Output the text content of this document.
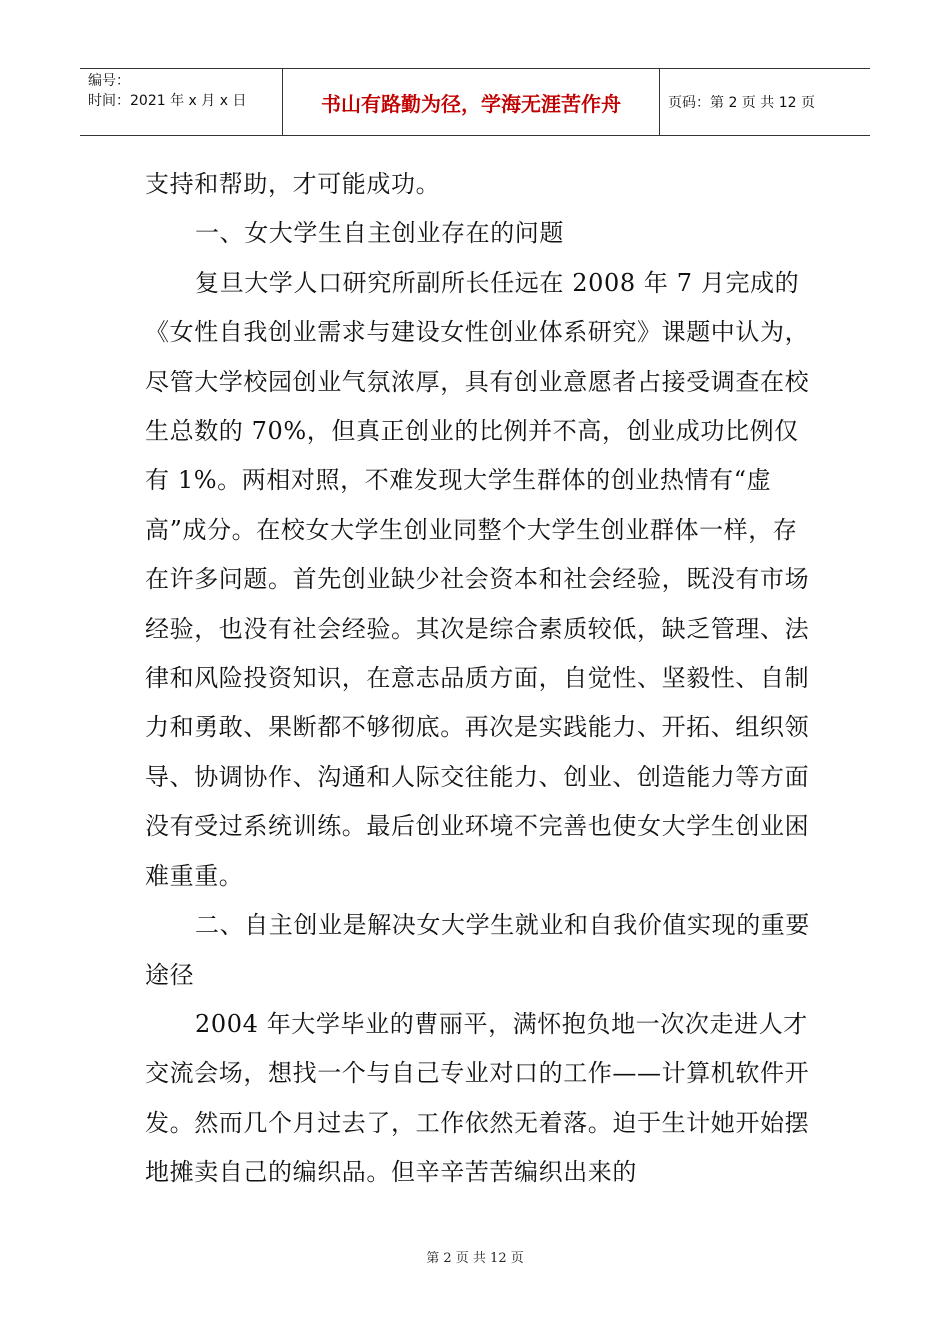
编号：
时间：2021 年 x 月 x 日	书山有路勤为径，学海无涯苦作舟	页码：第 2 页 共 12 页

支持和帮助，才可能成功。

一、女大学生自主创业存在的问题

复旦大学人口研究所副所长任远在 2008 年 7 月完成的《女性自我创业需求与建设女性创业体系研究》课题中认为，尽管大学校园创业气氛浓厚，具有创业意愿者占接受调查在校生总数的 70%，但真正创业的比例并不高，创业成功比例仅有 1%。两相对照，不难发现大学生群体的创业热情有“虚高”成分。在校女大学生创业同整个大学生创业群体一样，存在许多问题。首先创业缺少社会资本和社会经验，既没有市场经验，也没有社会经验。其次是综合素质较低，缺乏管理、法律和风险投资知识，在意志品质方面，自觉性、坚毅性、自制力和勇敢、果断都不够彻底。再次是实践能力、开拓、组织领导、协调协作、沟通和人际交往能力、创业、创造能力等方面没有受过系统训练。最后创业环境不完善也使女大学生创业困难重重。

二、自主创业是解决女大学生就业和自我价值实现的重要途径

2004 年大学毕业的曹丽平，满怀抱负地一次次走进人才交流会场，想找一个与自己专业对口的工作——计算机软件开发。然而几个月过去了，工作依然无着落。迫于生计她开始摆地摊卖自己的编织品。但辛辛苦苦编织出来的

第 2 页 共 12 页
